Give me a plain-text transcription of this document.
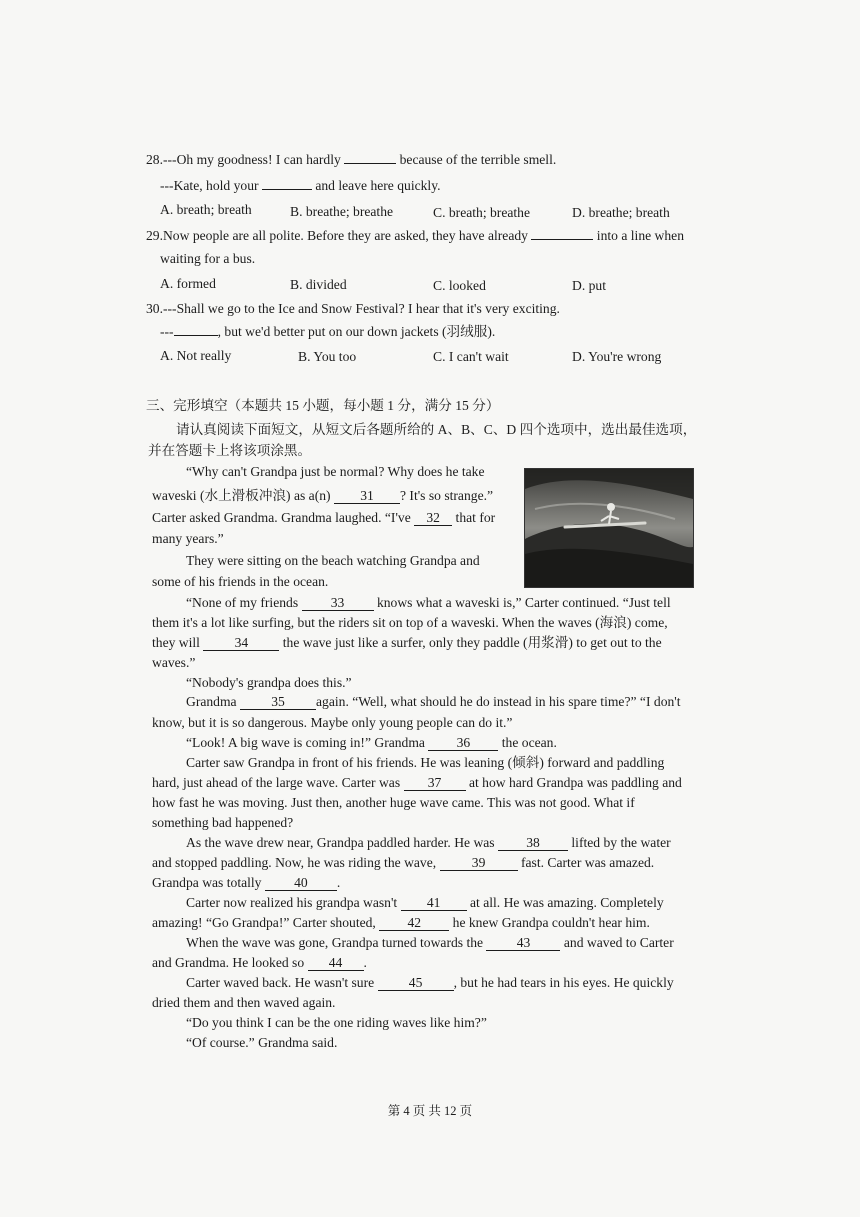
28.---Oh my goodness! I can hardly	because of the terrible smell.
---Kate, hold your	and leave here quickly.
A. breath; breath	B. breathe; breathe	C. breath; breathe	D. breathe; breath
29.Now people are all polite. Before they are asked, they have already	into a line when
waiting for a bus.
A. formed	B. divided	C. looked	D. put
30.---Shall we go to the Ice and Snow Festival? I hear that it's very exciting.
---	, but we'd better put on our down jackets (羽绒服).
A. Not really	B. You too	C. I can't wait	D. You're wrong
三、完形填空（本题共 15 小题，每小题 1 分，满分 15 分）
请认真阅读下面短文，从短文后各题所给的 A、B、C、D 四个选项中，选出最佳选项，
并在答题卡上将该项涂黑。
“Why can't Grandpa just be normal? Why does he take
waveski (水上滑板冲浪) as a(n) 31 ? It's so strange.”
Carter asked Grandma. Grandma laughed. “I've 32 that for
many years.”
They were sitting on the beach watching Grandpa and
some of his friends in the ocean.
“None of my friends 33 knows what a waveski is,” Carter continued. “Just tell
them it's a lot like surfing, but the riders sit on top of a waveski. When the waves (海浪) come,
they will	34	the wave just like a surfer, only they paddle (用浆滑) to get out to the
waves.”
“Nobody's grandpa does this.”
Grandma	35 again. “Well, what should he do instead in his spare time?” “I don't
know, but it is so dangerous. Maybe only young people can do it.”
“Look! A big wave is coming in!” Grandma 36 the ocean.
Carter saw Grandpa in front of his friends. He was leaning (倾斜) forward and paddling
hard, just ahead of the large wave. Carter was 37 at how hard Grandpa was paddling and
how fast he was moving. Just then, another huge wave came. This was not good. What if
something bad happened?
As the wave drew near, Grandpa paddled harder. He was 38 lifted by the water
and stopped paddling. Now, he was riding the wave,	39	fast. Carter was amazed.
Grandpa was totally 40 .
Carter now realized his grandpa wasn't 41 at all. He was amazing. Completely
amazing! “Go Grandpa!” Carter shouted, 42 he knew Grandpa couldn't hear him.
When the wave was gone, Grandpa turned towards the 43 and waved to Carter
and Grandma. He looked so 44 .
Carter waved back. He wasn't sure	45 , but he had tears in his eyes. He quickly
dried them and then waved again.
“Do you think I can be the one riding waves like him?”
“Of course.” Grandma said.
第 4 页 共 12 页
